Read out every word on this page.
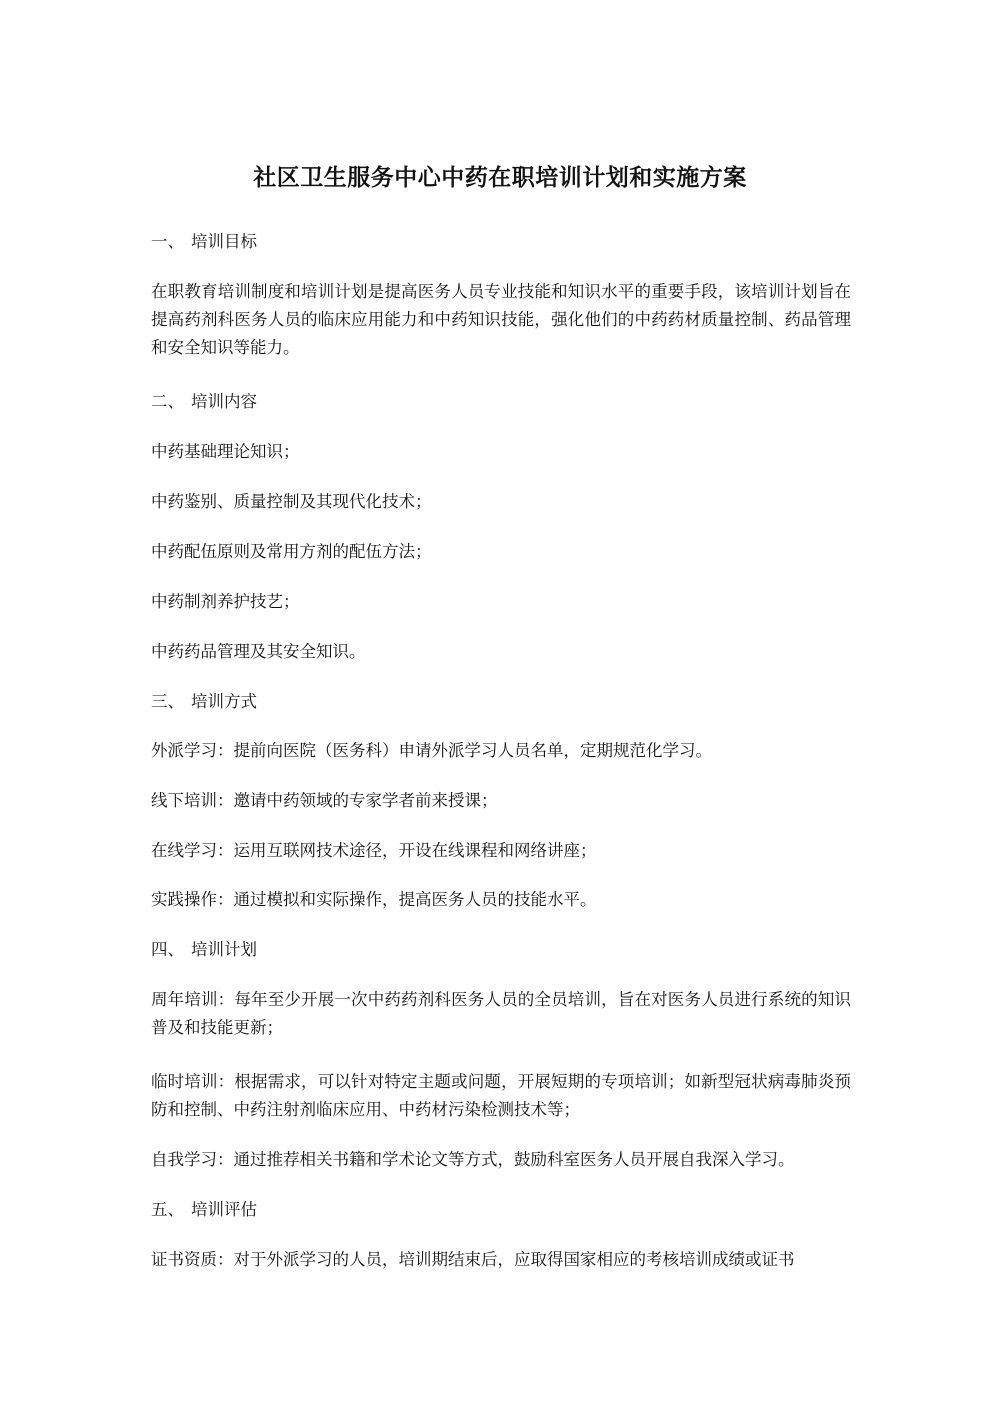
社区卫生服务中心中药在职培训计划和实施方案
一、 培训目标

在职教育培训制度和培训计划是提高医务人员专业技能和知识水平的重要手段，该培训计划旨在提高药剂科医务人员的临床应用能力和中药知识技能，强化他们的中药药材质量控制、药品管理和安全知识等能力。

二、 培训内容

中药基础理论知识；

中药鉴别、质量控制及其现代化技术；

中药配伍原则及常用方剂的配伍方法；

中药制剂养护技艺；

中药药品管理及其安全知识。

三、 培训方式

外派学习：提前向医院（医务科）申请外派学习人员名单，定期规范化学习。

线下培训：邀请中药领域的专家学者前来授课；

在线学习：运用互联网技术途径，开设在线课程和网络讲座；

实践操作：通过模拟和实际操作，提高医务人员的技能水平。

四、 培训计划

周年培训：每年至少开展一次中药药剂科医务人员的全员培训，旨在对医务人员进行系统的知识普及和技能更新；

临时培训：根据需求，可以针对特定主题或问题，开展短期的专项培训；如新型冠状病毒肺炎预防和控制、中药注射剂临床应用、中药材污染检测技术等；

自我学习：通过推荐相关书籍和学术论文等方式，鼓励科室医务人员开展自我深入学习。

五、 培训评估

证书资质：对于外派学习的人员，培训期结束后，应取得国家相应的考核培训成绩或证书
